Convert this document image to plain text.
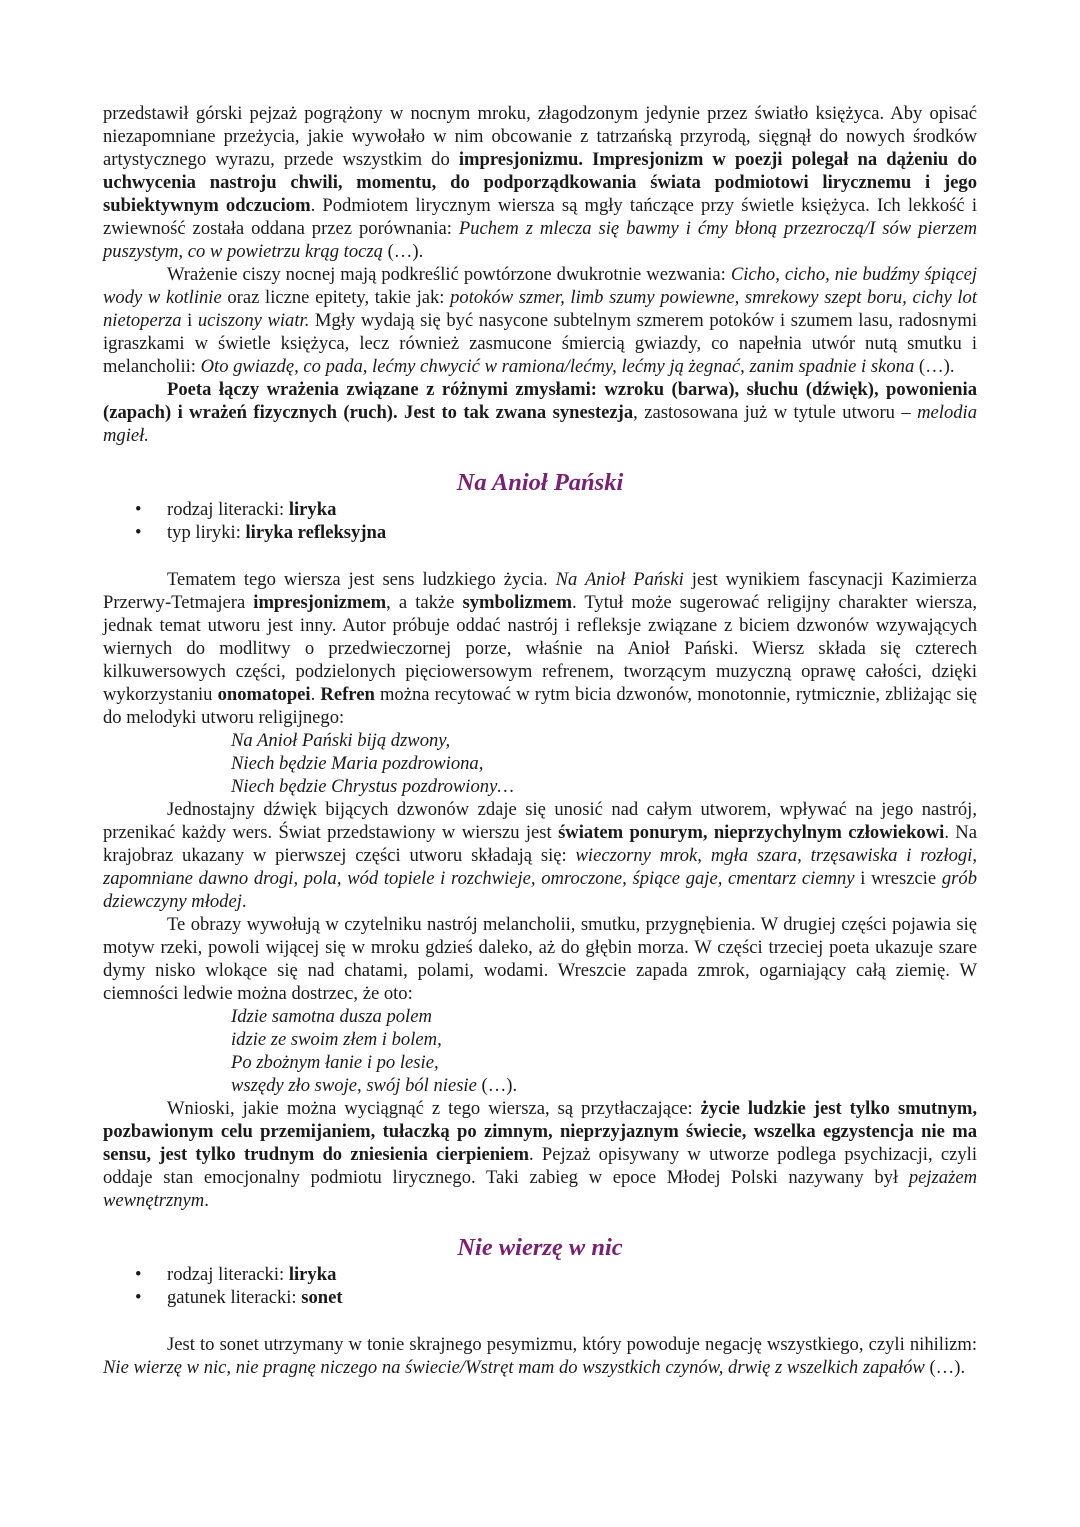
przedstawił górski pejzaż pogrążony w nocnym mroku, złagodzonym jedynie przez światło księżyca. Aby opisać niezapomniane przeżycia, jakie wywołało w nim obcowanie z tatrzańską przyrodą, sięgnął do nowych środków artystycznego wyrazu, przede wszystkim do impresjonizmu. Impresjonizm w poezji polegał na dążeniu do uchwycenia nastroju chwili, momentu, do podporządkowania świata podmiotowi lirycznemu i jego subiektywnym odczuciom. Podmiotem lirycznym wiersza są mgły tańczące przy świetle księżyca. Ich lekkość i zwiewność została oddana przez porównania: Puchem z mlecza się bawmy i ćmy błoną przezroczą/I sów pierzem puszystym, co w powietrzu krąg toczą (…).

Wrażenie ciszy nocnej mają podkreślić powtórzone dwukrotnie wezwania: Cicho, cicho, nie budźmy śpiącej wody w kotlinie oraz liczne epitety, takie jak: potoków szmer, limb szumy powiewne, smrekowy szept boru, cichy lot nietoperza i uciszony wiatr. Mgły wydają się być nasycone subtelnym szmerem potoków i szumem lasu, radosnymi igraszkami w świetle księżyca, lecz również zasmucone śmiercią gwiazdy, co napełnia utwór nutą smutku i melancholii: Oto gwiazdę, co pada, lećmy chwycić w ramiona/lećmy, lećmy ją żegnać, zanim spadnie i skona (…).

Poeta łączy wrażenia związane z różnymi zmysłami: wzroku (barwa), słuchu (dźwięk), powonienia (zapach) i wrażeń fizycznych (ruch). Jest to tak zwana synestezja, zastosowana już w tytule utworu – melodia mgieł.

Na Anioł Pański
• rodzaj literacki: liryka
• typ liryki: liryka refleksyjna

Tematem tego wiersza jest sens ludzkiego życia. Na Anioł Pański jest wynikiem fascynacji Kazimierza Przerwy-Tetmajera impresjonizmem, a także symbolizmem. Tytuł może sugerować religijny charakter wiersza, jednak temat utworu jest inny. Autor próbuje oddać nastrój i refleksje związane z biciem dzwonów wzywających wiernych do modlitwy o przedwieczornej porze, właśnie na Anioł Pański. Wiersz składa się czterech kilkuwersowych części, podzielonych pięciowersowym refrenem, tworzącym muzyczną oprawę całości, dzięki wykorzystaniu onomatopei. Refren można recytować w rytm bicia dzwonów, monotonnie, rytmicznie, zbliżając się do melodyki utworu religijnego:

Na Anioł Pański biją dzwony,
Niech będzie Maria pozdrowiona,
Niech będzie Chrystus pozdrowiony…

Jednostajny dźwięk bijących dzwonów zdaje się unosić nad całym utworem, wpływać na jego nastrój, przenikać każdy wers. Świat przedstawiony w wierszu jest światem ponurym, nieprzychylnym człowiekowi. Na krajobraz ukazany w pierwszej części utworu składają się: wieczorny mrok, mgła szara, trzęsawiska i rozłogi, zapomniane dawno drogi, pola, wód topiele i rozchwieje, omroczone, śpiące gaje, cmentarz ciemny i wreszcie grób dziewczyny młodej.

Te obrazy wywołują w czytelniku nastrój melancholii, smutku, przygnębienia. W drugiej części pojawia się motyw rzeki, powoli wijącej się w mroku gdzieś daleko, aż do głębin morza. W części trzeciej poeta ukazuje szare dymy nisko wlokące się nad chatami, polami, wodami. Wreszcie zapada zmrok, ogarniający całą ziemię. W ciemności ledwie można dostrzec, że oto:

Idzie samotna dusza polem
idzie ze swoim złem i bolem,
Po zbożnym łanie i po lesie,
wszędy zło swoje, swój ból niesie (…).

Wnioski, jakie można wyciągnąć z tego wiersza, są przytłaczające: życie ludzkie jest tylko smutnym, pozbawionym celu przemijaniem, tułaczką po zimnym, nieprzyjaznym świecie, wszelka egzystencja nie ma sensu, jest tylko trudnym do zniesienia cierpieniem. Pejzaż opisywany w utworze podlega psychizacji, czyli oddaje stan emocjonalny podmiotu lirycznego. Taki zabieg w epoce Młodej Polski nazywany był pejzażem wewnętrznym.

Nie wierzę w nic
• rodzaj literacki: liryka
• gatunek literacki: sonet

Jest to sonet utrzymany w tonie skrajnego pesymizmu, który powoduje negację wszystkiego, czyli nihilizm: Nie wierzę w nic, nie pragnę niczego na świecie/Wstręt mam do wszystkich czynów, drwię z wszelkich zapałów (…).
